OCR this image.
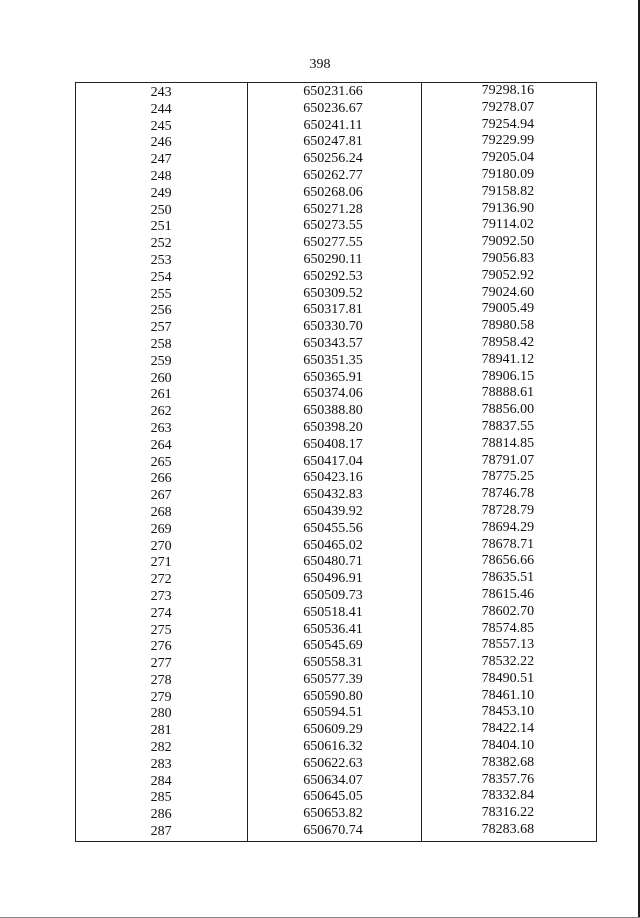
398
243	650231.66	79298.16
244	650236.67	79278.07
245	650241.11	79254.94
246	650247.81	79229.99
247	650256.24	79205.04
248	650262.77	79180.09
249	650268.06	79158.82
250	650271.28	79136.90
251	650273.55	79114.02
252	650277.55	79092.50
253	650290.11	79056.83
254	650292.53	79052.92
255	650309.52	79024.60
256	650317.81	79005.49
257	650330.70	78980.58
258	650343.57	78958.42
259	650351.35	78941.12
260	650365.91	78906.15
261	650374.06	78888.61
262	650388.80	78856.00
263	650398.20	78837.55
264	650408.17	78814.85
265	650417.04	78791.07
266	650423.16	78775.25
267	650432.83	78746.78
268	650439.92	78728.79
269	650455.56	78694.29
270	650465.02	78678.71
271	650480.71	78656.66
272	650496.91	78635.51
273	650509.73	78615.46
274	650518.41	78602.70
275	650536.41	78574.85
276	650545.69	78557.13
277	650558.31	78532.22
278	650577.39	78490.51
279	650590.80	78461.10
280	650594.51	78453.10
281	650609.29	78422.14
282	650616.32	78404.10
283	650622.63	78382.68
284	650634.07	78357.76
285	650645.05	78332.84
286	650653.82	78316.22
287	650670.74	78283.68
